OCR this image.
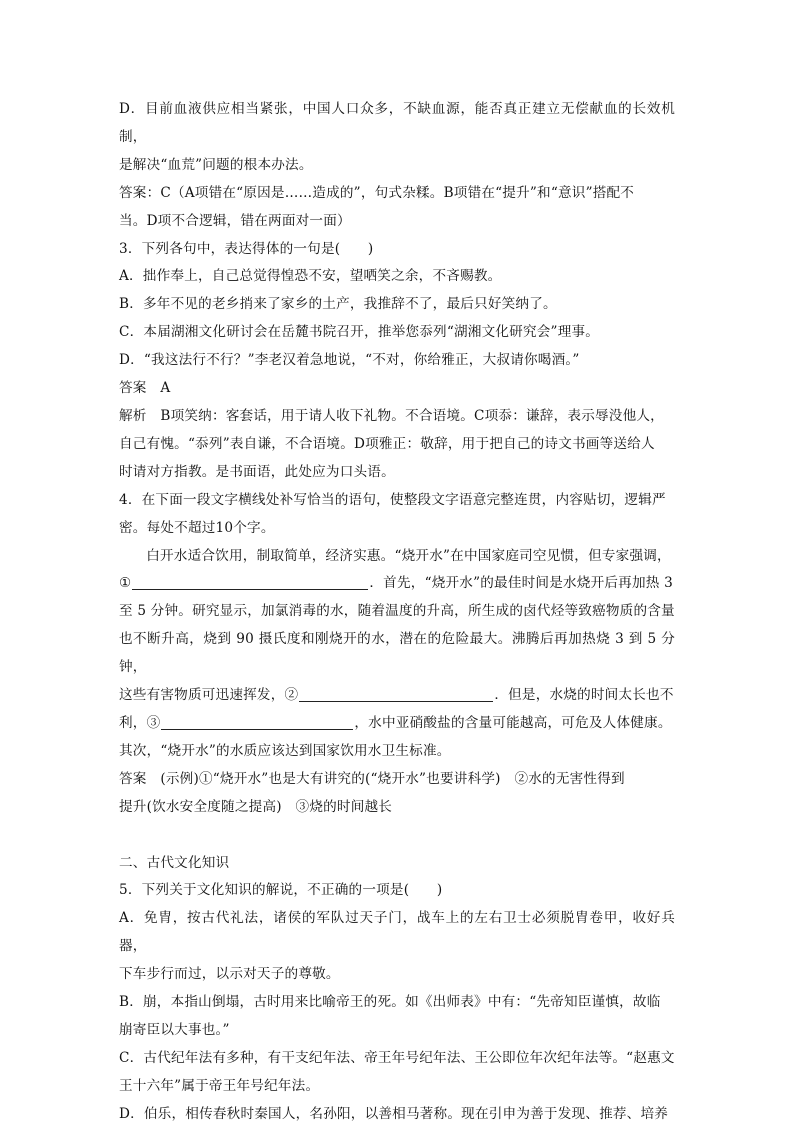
D．目前血液供应相当紧张，中国人口众多，不缺血源，能否真正建立无偿献血的长效机制，

是解决“血荒”问题的根本办法。

答案：C（A项错在“原因是……造成的”，句式杂糅。B项错在“提升”和“意识”搭配不

当。D项不合逻辑，错在两面对一面）

3．下列各句中，表达得体的一句是(　　)

A．拙作奉上，自己总觉得惶恐不安，望哂笑之余，不吝赐教。

B．多年不见的老乡捎来了家乡的土产，我推辞不了，最后只好笑纳了。

C．本届湖湘文化研讨会在岳麓书院召开，推举您忝列“湖湘文化研究会”理事。

D．“我这法行不行？”李老汉着急地说，“不对，你给雅正，大叔请你喝酒。”

答案　A

解析　B项笑纳：客套话，用于请人收下礼物。不合语境。C项忝：谦辞，表示辱没他人，

自己有愧。“忝列”表自谦，不合语境。D项雅正：敬辞，用于把自己的诗文书画等送给人

时请对方指教。是书面语，此处应为口头语。

4．在下面一段文字横线处补写恰当的语句，使整段文字语意完整连贯，内容贴切，逻辑严

密。每处不超过10个字。

白开水适合饮用，制取简单，经济实惠。“烧开水”在中国家庭司空见惯，但专家强调，

①	．首先，“烧开水”的最佳时间是水烧开后再加热 3

至 5 分钟。研究显示，加氯消毒的水，随着温度的升高，所生成的卤代烃等致癌物质的含量

也不断升高，烧到 90 摄氏度和刚烧开的水，潜在的危险最大。沸腾后再加热烧 3 到 5 分钟，

这些有害物质可迅速挥发，②	．但是，水烧的时间太长也不

利，③	，水中亚硝酸盐的含量可能越高，可危及人体健康。

其次，“烧开水”的水质应该达到国家饮用水卫生标准。

答案　(示例)①“烧开水”也是大有讲究的(“烧开水”也要讲科学)　②水的无害性得到

提升(饮水安全度随之提高)　③烧的时间越长

二、古代文化知识

5．下列关于文化知识的解说，不正确的一项是(　　)

A．免胄，按古代礼法，诸侯的军队过天子门，战车上的左右卫士必须脱胄卷甲，收好兵器，

下车步行而过，以示对天子的尊敬。

B．崩，本指山倒塌，古时用来比喻帝王的死。如《出师表》中有：“先帝知臣谨慎，故临

崩寄臣以大事也。”

C．古代纪年法有多种，有干支纪年法、帝王年号纪年法、王公即位年次纪年法等。“赵惠文

王十六年”属于帝王年号纪年法。

D．伯乐，相传春秋时秦国人，名孙阳，以善相马著称。现在引申为善于发现、推荐、培养
